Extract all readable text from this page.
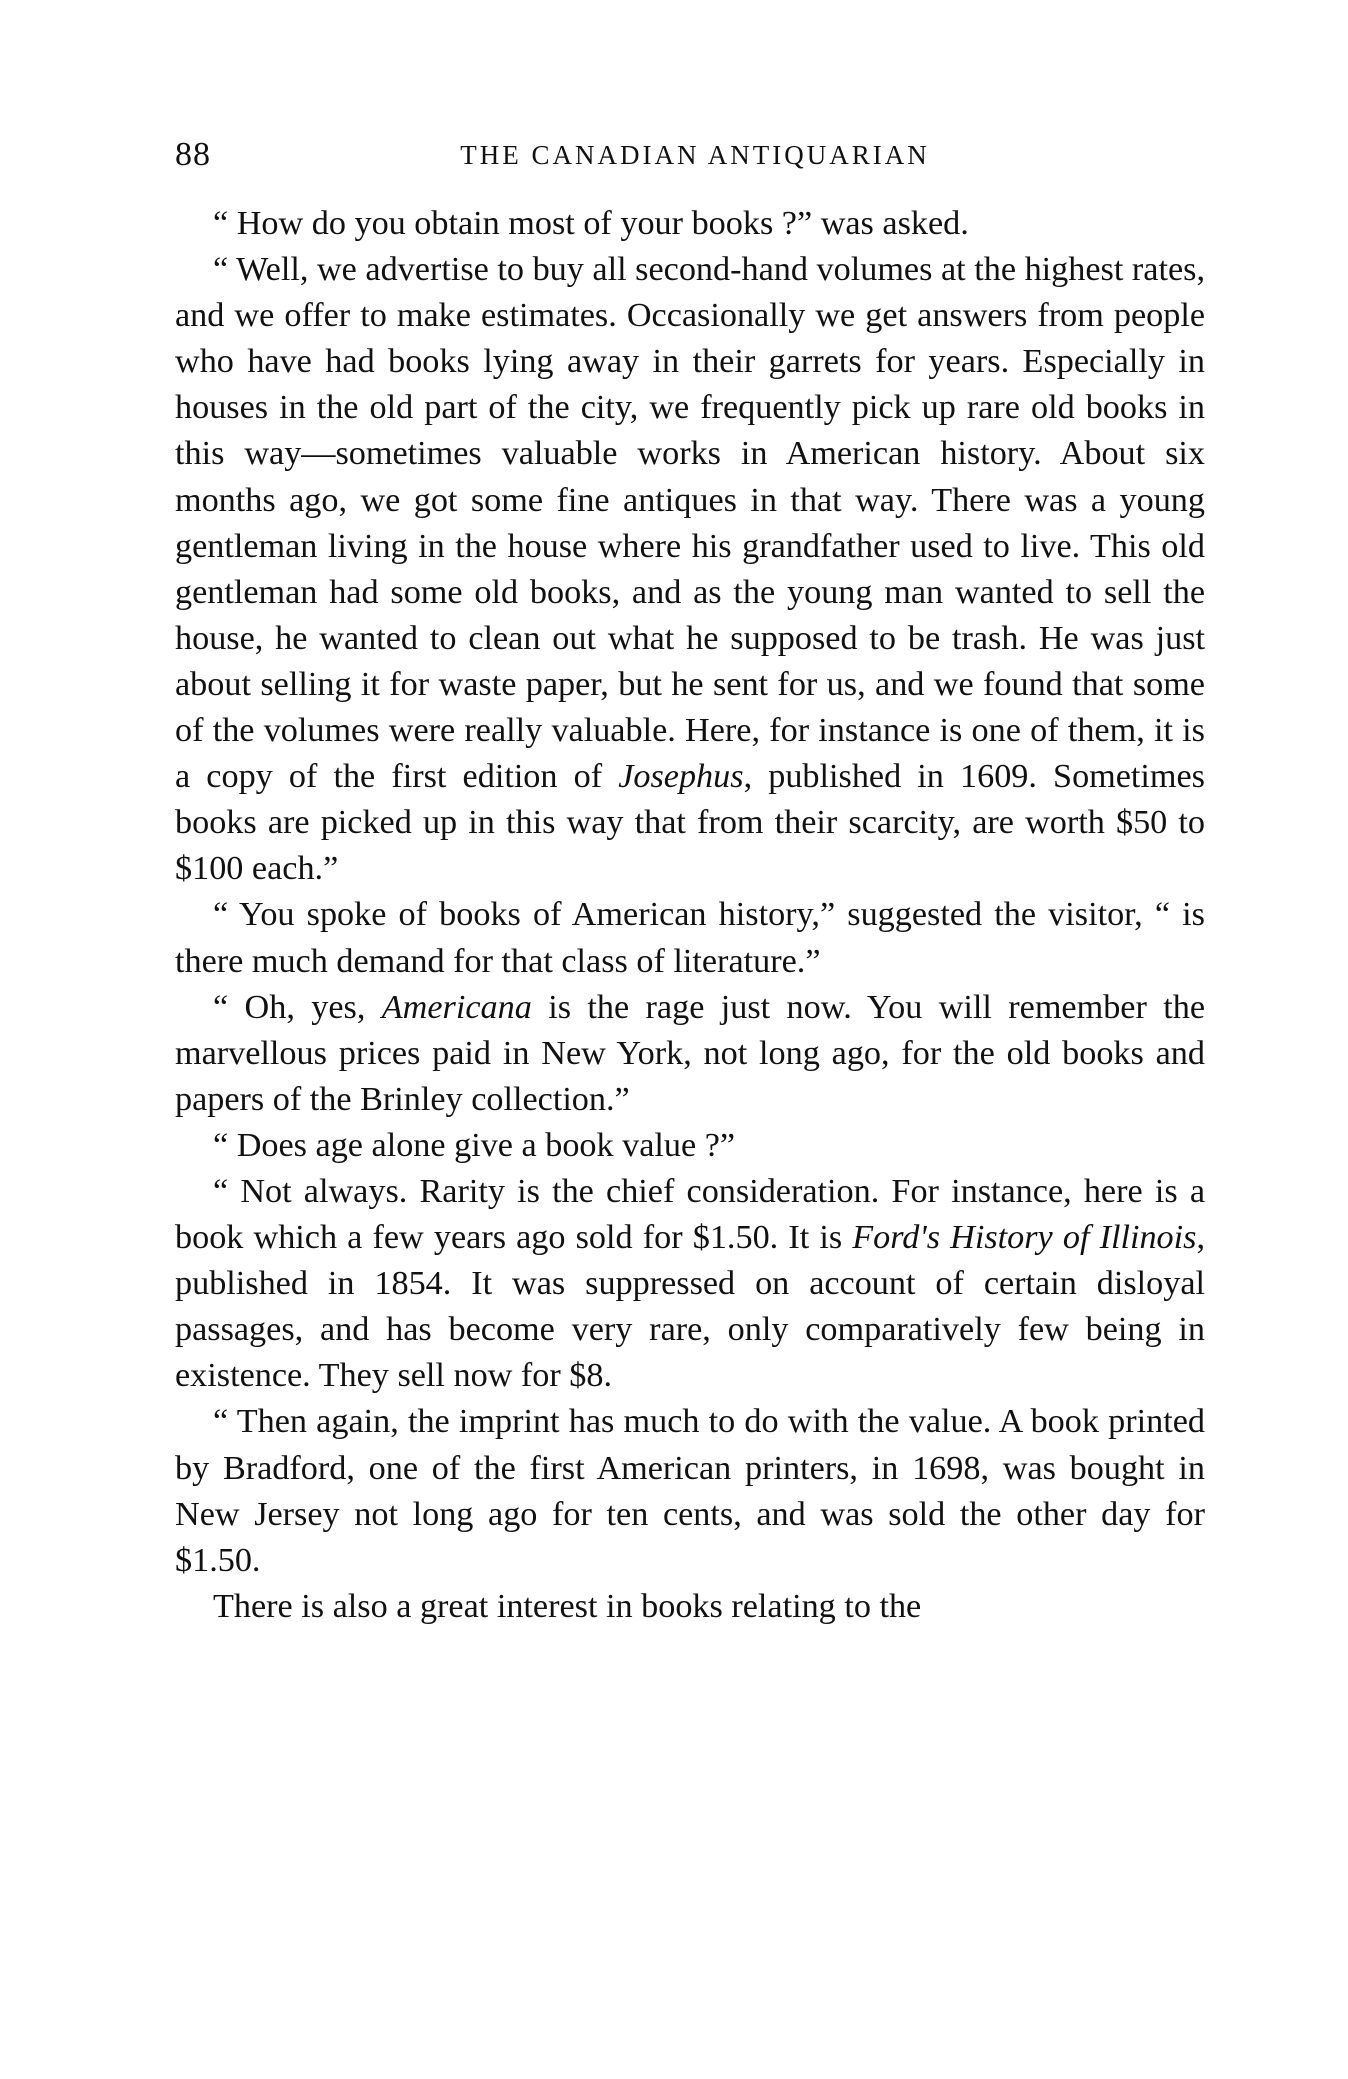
88	THE CANADIAN ANTIQUARIAN

“ How do you obtain most of your books ?” was asked.

“ Well, we advertise to buy all second-hand volumes at the highest rates, and we offer to make estimates. Occasionally we get answers from people who have had books lying away in their garrets for years. Especially in houses in the old part of the city, we frequently pick up rare old books in this way—sometimes valuable works in American history. About six months ago, we got some fine antiques in that way. There was a young gentleman living in the house where his grandfather used to live. This old gentleman had some old books, and as the young man wanted to sell the house, he wanted to clean out what he supposed to be trash. He was just about selling it for waste paper, but he sent for us, and we found that some of the volumes were really valuable. Here, for instance is one of them, it is a copy of the first edition of Josephus, published in 1609. Sometimes books are picked up in this way that from their scarcity, are worth $50 to $100 each.”

“ You spoke of books of American history,” suggested the visitor, “ is there much demand for that class of literature.”

“ Oh, yes, Americana is the rage just now. You will remember the marvellous prices paid in New York, not long ago, for the old books and papers of the Brinley collection.”

“ Does age alone give a book value ?”

“ Not always. Rarity is the chief consideration. For instance, here is a book which a few years ago sold for $1.50. It is Ford's History of Illinois, published in 1854. It was suppressed on account of certain disloyal passages, and has become very rare, only comparatively few being in existence. They sell now for $8.

“ Then again, the imprint has much to do with the value. A book printed by Bradford, one of the first American printers, in 1698, was bought in New Jersey not long ago for ten cents, and was sold the other day for $1.50.

There is also a great interest in books relating to the
